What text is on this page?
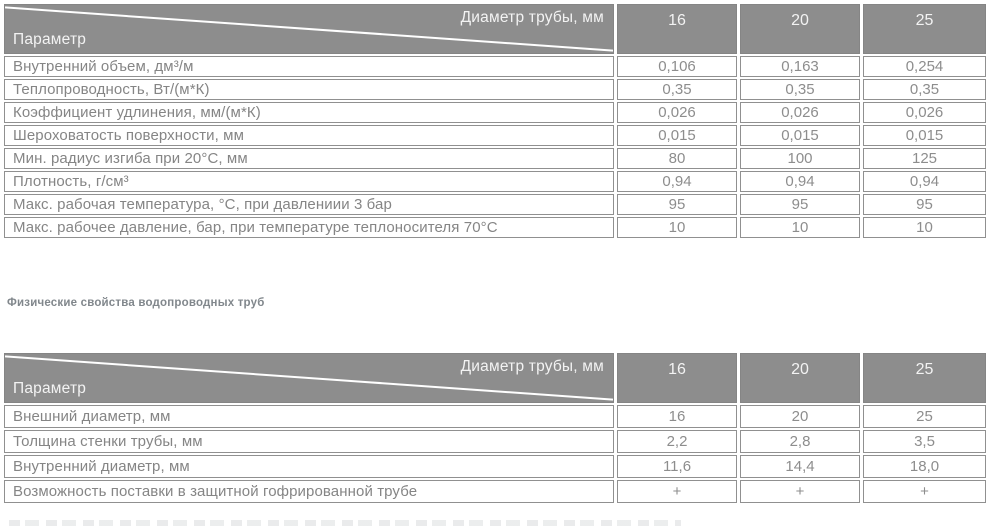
Диаметр трубы, мм
Параметр	16	20	25
Внутренний объем, дм³/м	0,106	0,163	0,254
Теплопроводность, Вт/(м*К)	0,35	0,35	0,35
Коэффициент удлинения, мм/(м*К)	0,026	0,026	0,026
Шероховатость поверхности, мм	0,015	0,015	0,015
Мин. радиус изгиба при 20°С, мм	80	100	125
Плотность, г/см³	0,94	0,94	0,94
Макс. рабочая температура, °С, при давлениии 3 бар	95	95	95
Макс. рабочее давление, бар, при температуре теплоносителя 70°С	10	10	10
Физические свойства водопроводных труб
Диаметр трубы, мм
Параметр	16	20	25
Внешний диаметр, мм	16	20	25
Толщина стенки трубы, мм	2,2	2,8	3,5
Внутренний диаметр, мм	11,6	14,4	18,0
Возможность поставки в защитной гофрированной трубе	+	+	+
